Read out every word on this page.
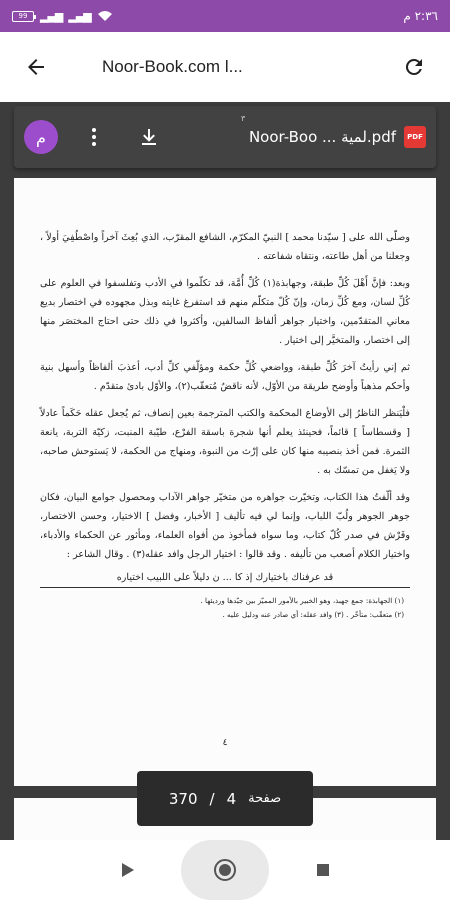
99 ▂▄▆ ▂▄▆	٢:٣٦ م
Noor-Book.com l...
م	Noor-Boo ... لمية.pdf	PDF
٣

وصلّى الله على [ سيّدنا محمد ] النبيّ المكرّم، الشافع المقرّب، الذي بُعِثَ آخراً واصْطُفِيَ أولاً ، وجعلنا من أهل طاعته، ونتقاه شفاعته .

وبعد: فإنَّ أَهْلَ كُلِّ طبقة، وجهابذة(١) كُلِّ أُمَّة، قد تكلّموا في الأدب وتفلسفوا في العلوم على كُلِّ لسان، ومع كُلِّ زمان، وإنّ كُلّ متكلّم منهم قد استفرغ غايته وبذل مجهوده في اختصار بديع معاني المتقدّمين، واختيار جواهر ألفاظ السالفين، وأكثروا في ذلك حتى احتاج المختصَر منها إلى اختصار، والمتخيَّر إلى اختيار .

ثم إني رأيتُ آخرَ كُلِّ طبقة، وواضعي كُلِّ حكمة ومؤلّفي كلِّ أدب، أعذبَ ألفاظاً وأسهل بنية وأحكم مذهباً وأوضح طريقة من الأوّل، لأنه ناقضٌ مُتعقّب(٢)، والأوّل بادئ متقدّم .

فلْيَنظر الناظرُ إلى الأوضاع المحكمة والكتب المترجمة بعين إنصاف، ثم يُجعل عقله حَكَماً عادلاً [ وقسطاساً ] قائماً، فحينئذ يعلم أنها شجرة باسقة الفرْع، طيّبة المنبت، زكيّة التربة، يانعة الثمرة. فمن أخذ بنصيبه منها كان على إرْث من النبوة، ومنهاج من الحكمة، لا يَستوحش صاحبه، ولا يَغفل من تمسّك به .

وقد ألّفتُ هذا الكتاب، وتخيّرت جواهره من متخيّر جواهر الآداب ومحصول جوامع البيان، فكان جوهر الجوهر ولُبّ اللباب، وإنما لي فيه تأليف [ الأخبار، وفضل ] الاختيار، وحسن الاختصار، وفَرْش في صدر كُلّ كتاب، وما سواه فمأخوذ من أفواه العلماء، ومأثور عن الحكماء والأدباء، واختيار الكلام أصعب من تأليفه . وقد قالوا : اختيار الرجل وافد عقله(٣) . وقال الشاعر :

قد عرفناك باختيارك إذ كا ... ن دليلاً على اللبيب اختياره

(١) الجهابذة: جمع جهبذ، وهو الخبير بالأمور المميّز بين جيّدها ورديئها .

(٢) متعقّب: متأخّر . (٣) وافد عقله: أي صادر عنه ودليل عليه .

٤
صفحة
4
/
370
